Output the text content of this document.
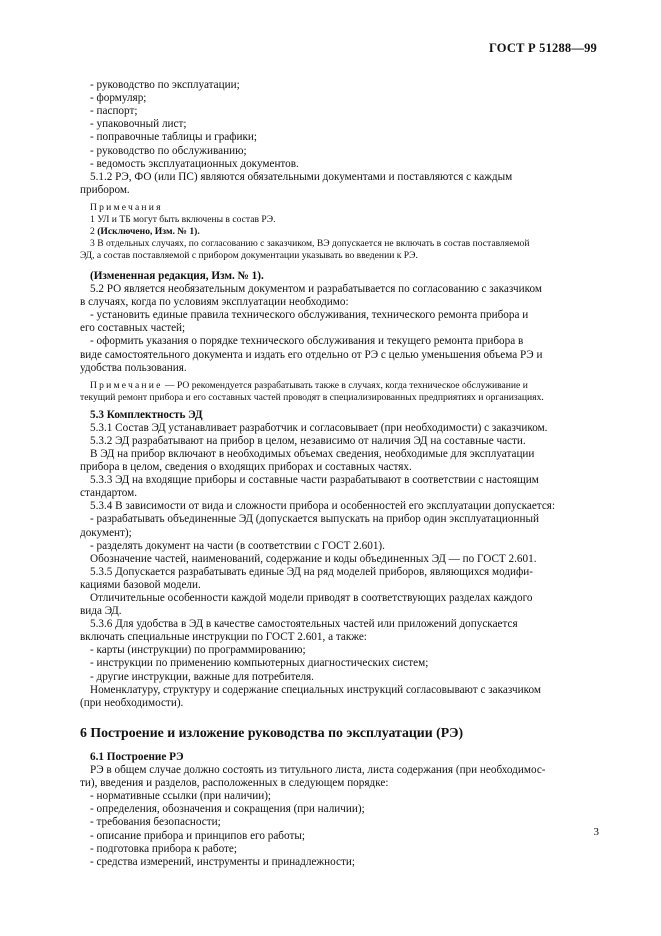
ГОСТ Р 51288—99
- руководство по эксплуатации;
- формуляр;
- паспорт;
- упаковочный лист;
- поправочные таблицы и графики;
- руководство по обслуживанию;
- ведомость эксплуатационных документов.
5.1.2 РЭ, ФО (или ПС) являются обязательными документами и поставляются с каждым
прибором.
Примечания
1 УЛ и ТБ могут быть включены в состав РЭ.
2 (Исключено, Изм. № 1).
3 В отдельных случаях, по согласованию с заказчиком, ВЭ допускается не включать в состав поставляемой
ЭД, а состав поставляемой с прибором документации указывать во введении к РЭ.
(Измененная редакция, Изм. № 1).
5.2 РО является необязательным документом и разрабатывается по согласованию с заказчиком
в случаях, когда по условиям эксплуатации необходимо:
- установить единые правила технического обслуживания, технического ремонта прибора и
его составных частей;
- оформить указания о порядке технического обслуживания и текущего ремонта прибора в
виде самостоятельного документа и издать его отдельно от РЭ с целью уменьшения объема РЭ и
удобства пользования.
Примечание — РО рекомендуется разрабатывать также в случаях, когда техническое обслуживание и
текущий ремонт прибора и его составных частей проводят в специализированных предприятиях и организациях.
5.3 Комплектность ЭД
5.3.1 Состав ЭД устанавливает разработчик и согласовывает (при необходимости) с заказчиком.
5.3.2 ЭД разрабатывают на прибор в целом, независимо от наличия ЭД на составные части.
В ЭД на прибор включают в необходимых объемах сведения, необходимые для эксплуатации
прибора в целом, сведения о входящих приборах и составных частях.
5.3.3 ЭД на входящие приборы и составные части разрабатывают в соответствии с настоящим
стандартом.
5.3.4 В зависимости от вида и сложности прибора и особенностей его эксплуатации допускается:
- разрабатывать объединенные ЭД (допускается выпускать на прибор один эксплуатационный
документ);
- разделять документ на части (в соответствии с ГОСТ 2.601).
Обозначение частей, наименований, содержание и коды объединенных ЭД — по ГОСТ 2.601.
5.3.5 Допускается разрабатывать единые ЭД на ряд моделей приборов, являющихся модифи-
кациями базовой модели.
Отличительные особенности каждой модели приводят в соответствующих разделах каждого
вида ЭД.
5.3.6 Для удобства в ЭД в качестве самостоятельных частей или приложений допускается
включать специальные инструкции по ГОСТ 2.601, а также:
- карты (инструкции) по программированию;
- инструкции по применению компьютерных диагностических систем;
- другие инструкции, важные для потребителя.
Номенклатуру, структуру и содержание специальных инструкций согласовывают с заказчиком
(при необходимости).
6 Построение и изложение руководства по эксплуатации (РЭ)
6.1 Построение РЭ
РЭ в общем случае должно состоять из титульного листа, листа содержания (при необходимос-
ти), введения и разделов, расположенных в следующем порядке:
- нормативные ссылки (при наличии);
- определения, обозначения и сокращения (при наличии);
- требования безопасности;
- описание прибора и принципов его работы;
- подготовка прибора к работе;
- средства измерений, инструменты и принадлежности;
3
